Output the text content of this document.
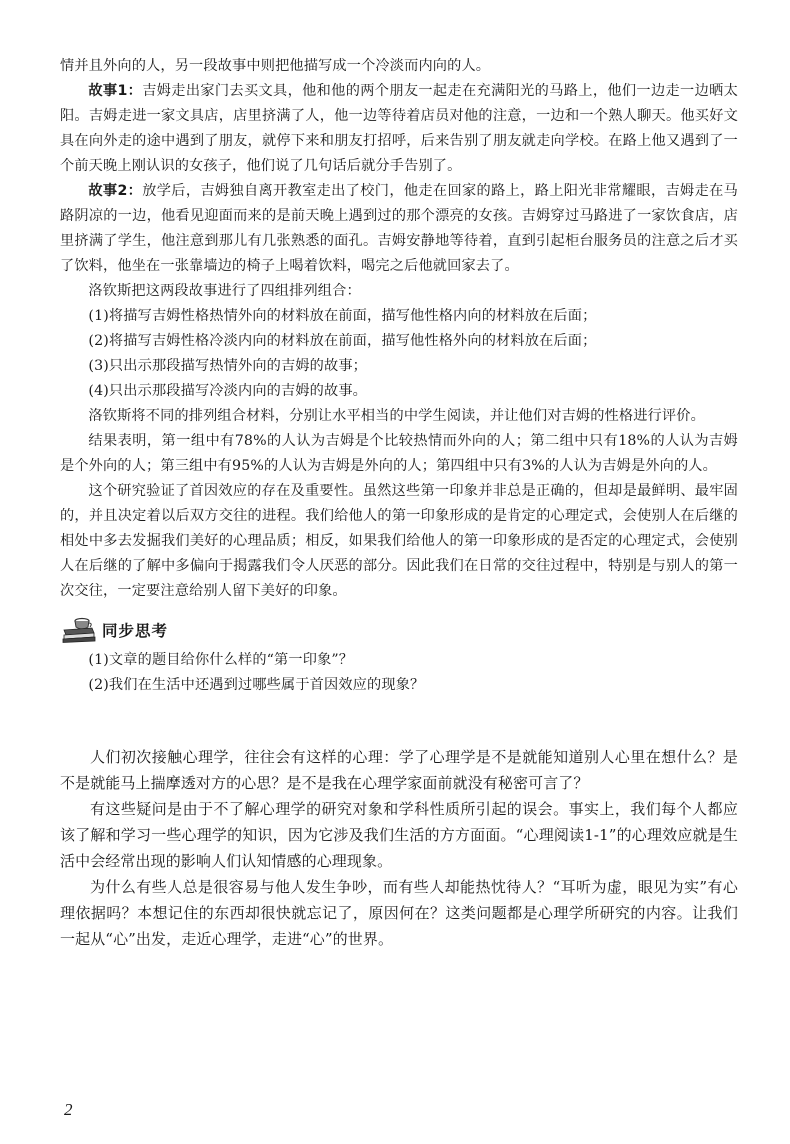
情并且外向的人，另一段故事中则把他描写成一个冷淡而内向的人。

故事1：吉姆走出家门去买文具，他和他的两个朋友一起走在充满阳光的马路上，他们一边走一边晒太阳。吉姆走进一家文具店，店里挤满了人，他一边等待着店员对他的注意，一边和一个熟人聊天。他买好文具在向外走的途中遇到了朋友，就停下来和朋友打招呼，后来告别了朋友就走向学校。在路上他又遇到了一个前天晚上刚认识的女孩子，他们说了几句话后就分手告别了。

故事2：放学后，吉姆独自离开教室走出了校门，他走在回家的路上，路上阳光非常耀眼，吉姆走在马路阴凉的一边，他看见迎面而来的是前天晚上遇到过的那个漂亮的女孩。吉姆穿过马路进了一家饮食店，店里挤满了学生，他注意到那儿有几张熟悉的面孔。吉姆安静地等待着，直到引起柜台服务员的注意之后才买了饮料，他坐在一张靠墙边的椅子上喝着饮料，喝完之后他就回家去了。

洛钦斯把这两段故事进行了四组排列组合：

(1)将描写吉姆性格热情外向的材料放在前面，描写他性格内向的材料放在后面；

(2)将描写吉姆性格冷淡内向的材料放在前面，描写他性格外向的材料放在后面；

(3)只出示那段描写热情外向的吉姆的故事；

(4)只出示那段描写冷淡内向的吉姆的故事。

洛钦斯将不同的排列组合材料，分别让水平相当的中学生阅读，并让他们对吉姆的性格进行评价。

结果表明，第一组中有78%的人认为吉姆是个比较热情而外向的人；第二组中只有18%的人认为吉姆是个外向的人；第三组中有95%的人认为吉姆是外向的人；第四组中只有3%的人认为吉姆是外向的人。

这个研究验证了首因效应的存在及重要性。虽然这些第一印象并非总是正确的，但却是最鲜明、最牢固的，并且决定着以后双方交往的进程。我们给他人的第一印象形成的是肯定的心理定式，会使别人在后继的相处中多去发掘我们美好的心理品质；相反，如果我们给他人的第一印象形成的是否定的心理定式，会使别人在后继的了解中多偏向于揭露我们令人厌恶的部分。因此我们在日常的交往过程中，特别是与别人的第一次交往，一定要注意给别人留下美好的印象。

同步思考

(1)文章的题目给你什么样的“第一印象”？

(2)我们在生活中还遇到过哪些属于首因效应的现象？

人们初次接触心理学，往往会有这样的心理：学了心理学是不是就能知道别人心里在想什么？是不是就能马上揣摩透对方的心思？是不是我在心理学家面前就没有秘密可言了？

有这些疑问是由于不了解心理学的研究对象和学科性质所引起的误会。事实上，我们每个人都应该了解和学习一些心理学的知识，因为它涉及我们生活的方方面面。“心理阅读1-1”的心理效应就是生活中会经常出现的影响人们认知情感的心理现象。

为什么有些人总是很容易与他人发生争吵，而有些人却能热忱待人？“耳听为虚，眼见为实”有心理依据吗？本想记住的东西却很快就忘记了，原因何在？这类问题都是心理学所研究的内容。让我们一起从“心”出发，走近心理学，走进“心”的世界。

2
